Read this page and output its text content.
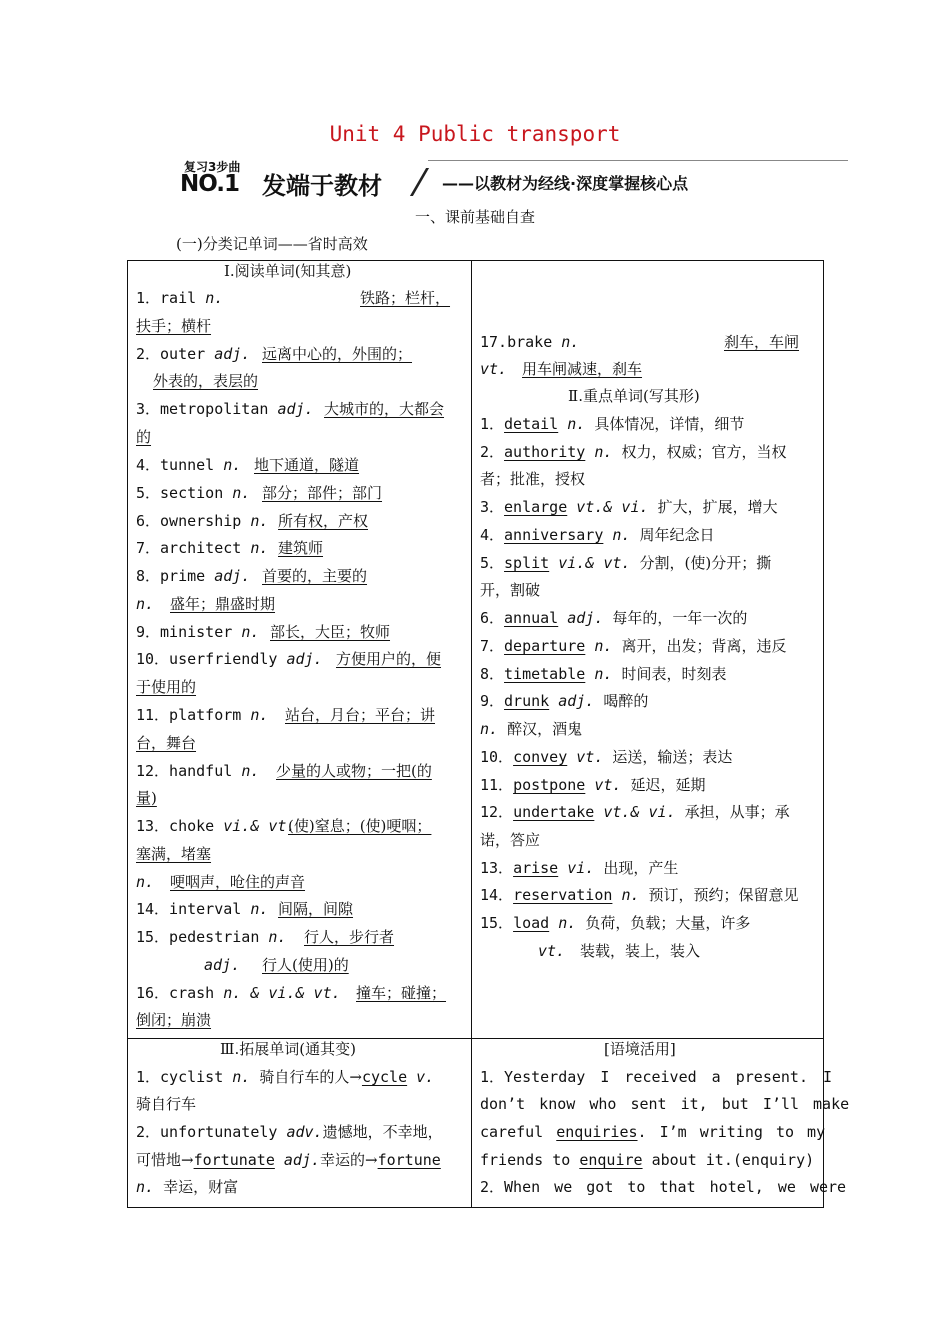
Unit 4 Public transport
复习3步曲
NO.1 发端于教材	——以教材为经线·深度掌握核心点
一、课前基础自查
(一)分类记单词——省时高效
Ⅰ.阅读单词(知其意)
1．rail n.	铁路；栏杆，
扶手；横杆
2．outer adj. 远离中心的，外围的；
外表的，表层的
3．metropolitan adj. 大城市的，大都会
的
4．tunnel n. 地下通道，隧道
5．section n. 部分；部件；部门
6．ownership n. 所有权，产权
7．architect n. 建筑师
8．prime adj. 首要的，主要的
n. 盛年；鼎盛时期
9．minister n. 部长，大臣；牧师
10．userfriendly adj. 方便用户的，便
于使用的
11．platform n. 站台，月台；平台；讲
台，舞台
12．handful n. 少量的人或物；一把(的
量)
13．choke vi.& vt.
(使)窒息；(使)哽咽；
塞满，堵塞
n. 哽咽声，呛住的声音
14．interval n. 间隔，间隙
15．pedestrian n. 行人，步行者
adj. 行人(使用)的
16．crash n. & vi.& vt. 撞车；碰撞；
倒闭；崩溃
17.brake n.	刹车，车闸
vt. 用车闸减速，刹车
Ⅱ.重点单词(写其形)
1．detail n. 具体情况，详情，细节
2．authority n. 权力，权威；官方，当权
者；批准，授权
3．enlarge vt.& vi. 扩大，扩展，增大
4．anniversary n. 周年纪念日
5．split vi.& vt. 分割，(使)分开；撕
开，割破
6．annual adj. 每年的，一年一次的
7．departure n. 离开，出发；背离，违反
8．timetable n. 时间表，时刻表
9．drunk adj. 喝醉的
n. 醉汉，酒鬼
10．convey vt. 运送，输送；表达
11．postpone vt. 延迟，延期
12．undertake vt.& vi. 承担，从事；承
诺，答应
13．arise vi. 出现，产生
14．reservation n. 预订，预约；保留意见
15．load n. 负荷，负载；大量，许多
vt. 装载，装上，装入
Ⅲ.拓展单词(通其变)
1．cyclist n. 骑自行车的人→cycle v.
骑自行车
2．unfortunately adv.遗憾地，不幸地，
可惜地→fortunate adj.幸运的→fortune
n. 幸运，财富
[语境活用]
1．Yesterday I received a present. I
don’t know who sent it, but I’ll make
careful enquiries. I’m writing to my
friends to enquire about it.(enquiry)
2．When we got to that hotel, we were
